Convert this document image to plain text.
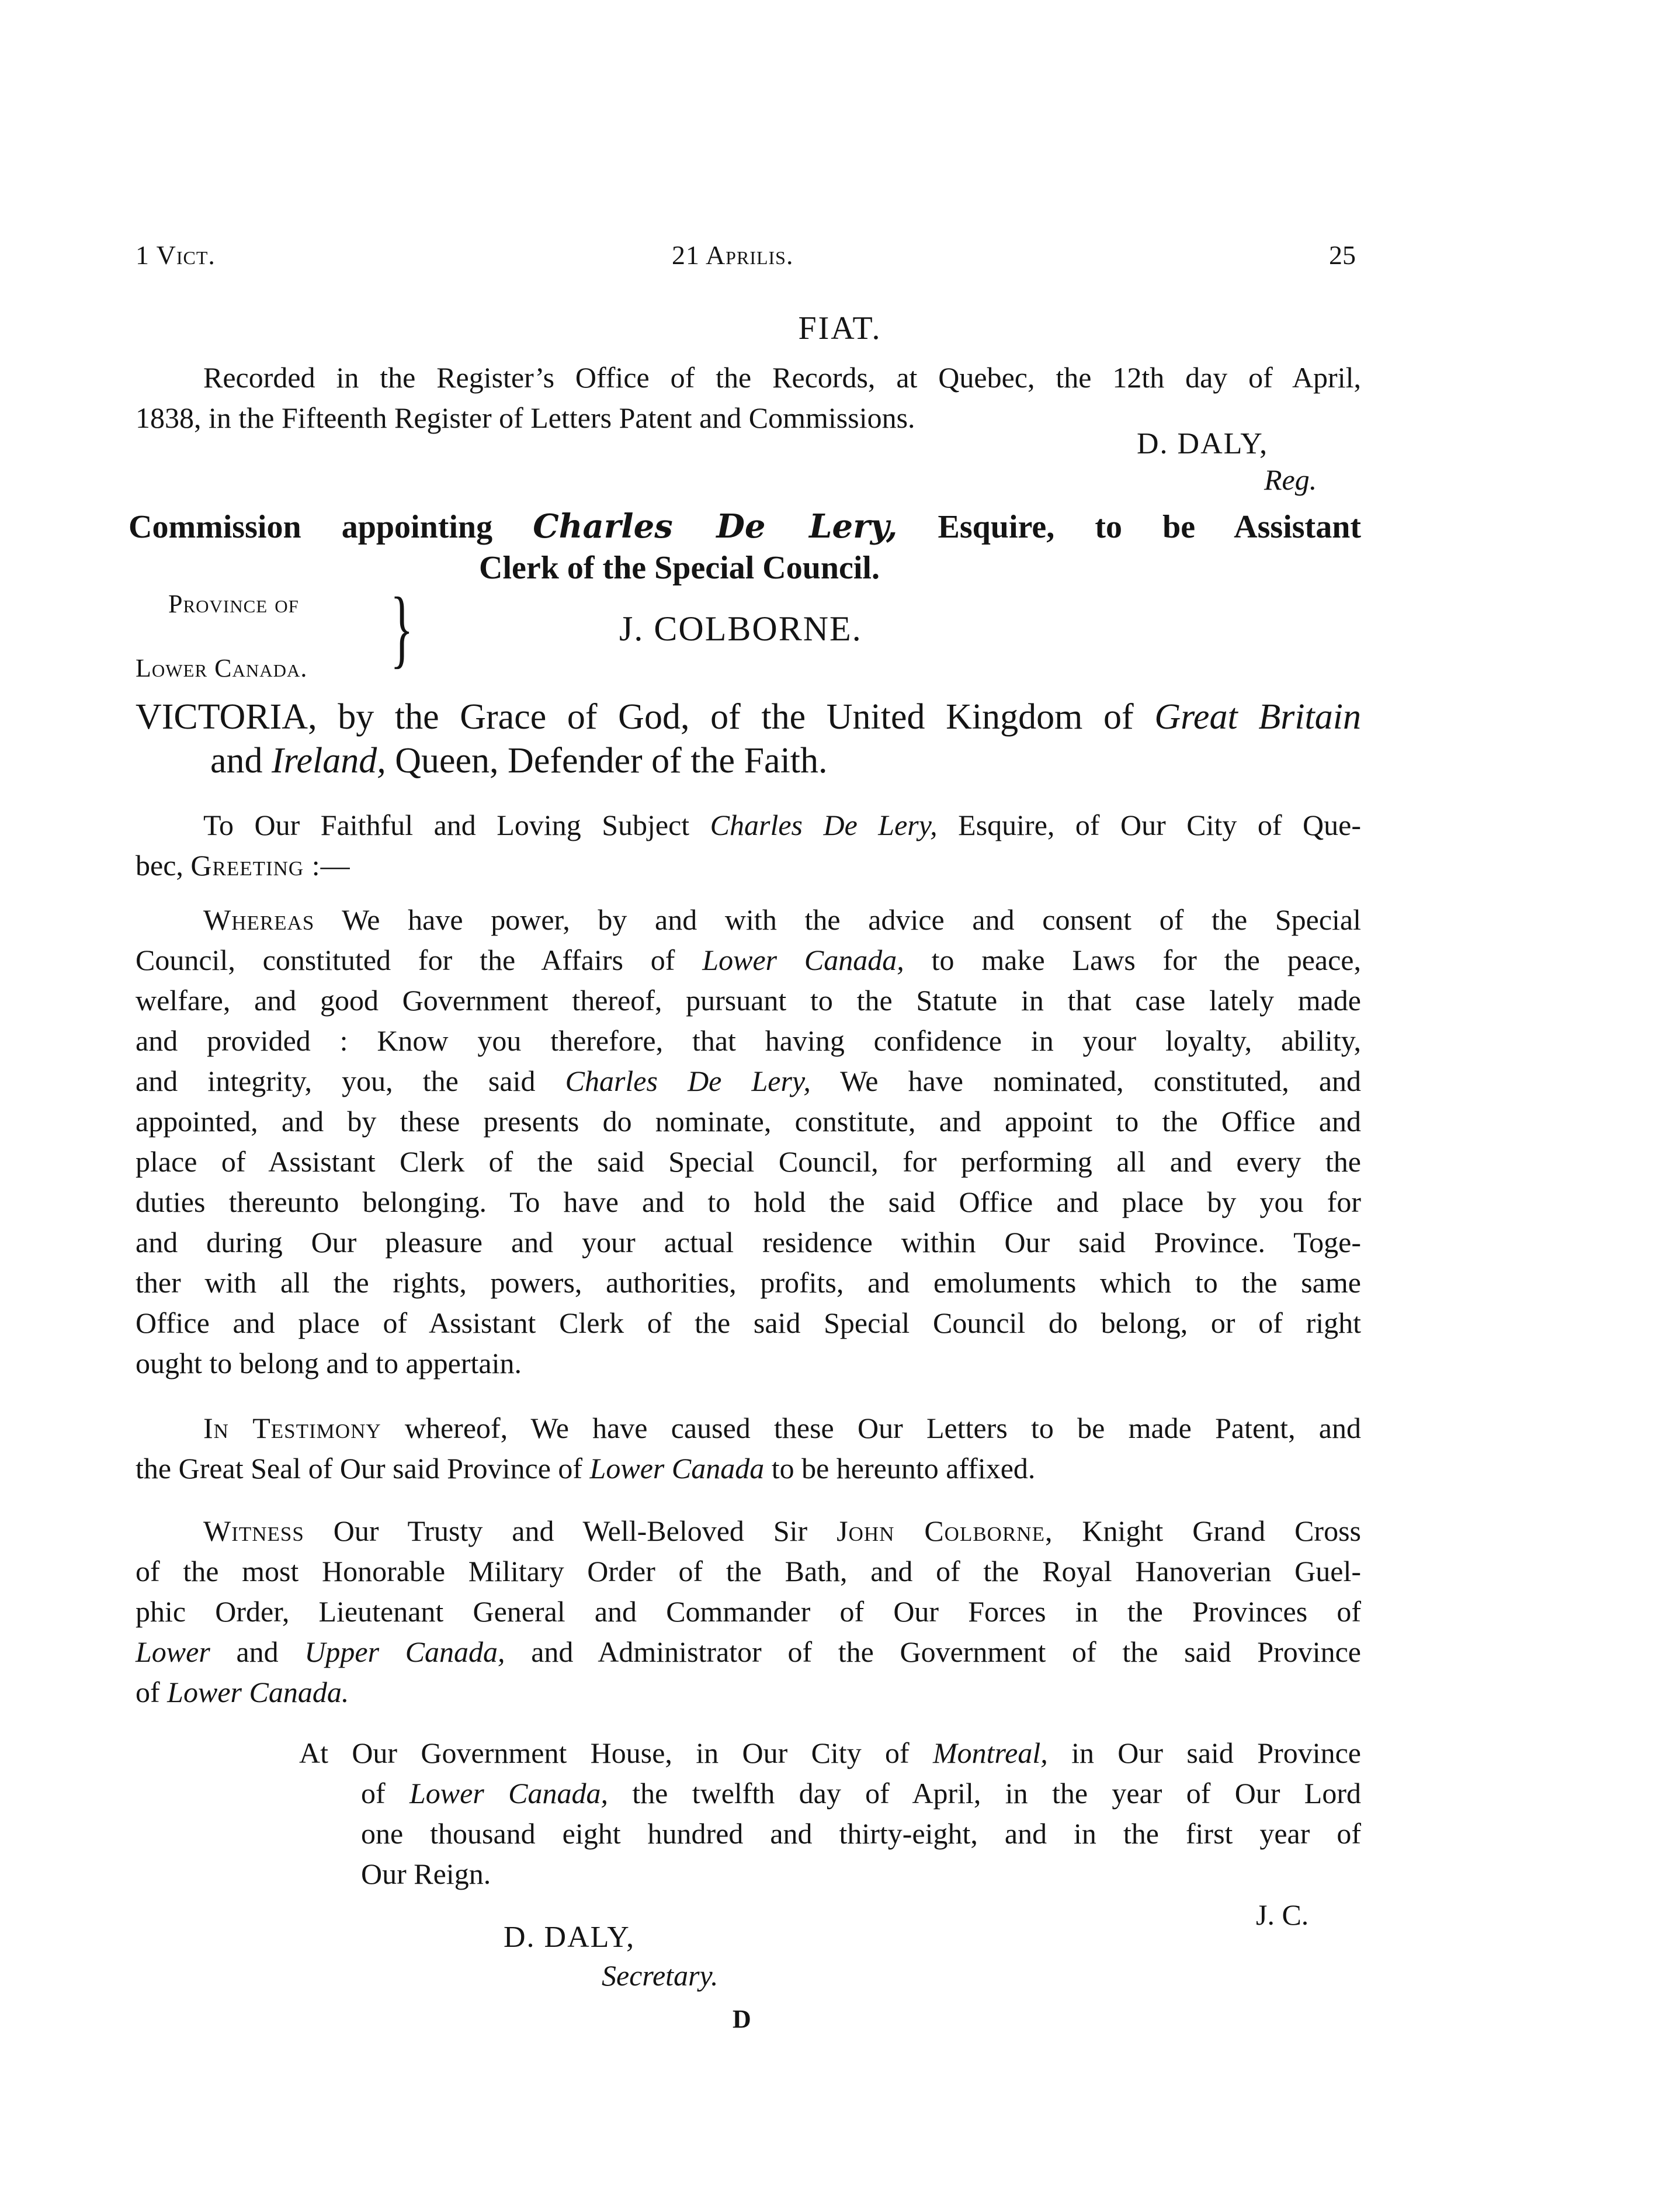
1 Vict.	21 Aprilis.	25
FIAT.
Recorded in the Register’s Office of the Records, at Quebec, the 12th day of April,
1838, in the Fifteenth Register of Letters Patent and Commissions.
D. DALY,
Reg.
Commission appointing Charles De Lery, Esquire, to be Assistant
Clerk of the Special Council.
Province of
Lower Canada. }	J. COLBORNE.
VICTORIA, by the Grace of God, of the United Kingdom of Great Britain
and Ireland, Queen, Defender of the Faith.
To Our Faithful and Loving Subject Charles De Lery, Esquire, of Our City of Que-
bec, Greeting :—
Whereas We have power, by and with the advice and consent of the Special
Council, constituted for the Affairs of Lower Canada, to make Laws for the peace,
welfare, and good Government thereof, pursuant to the Statute in that case lately made
and provided : Know you therefore, that having confidence in your loyalty, ability,
and integrity, you, the said Charles De Lery, We have nominated, constituted, and
appointed, and by these presents do nominate, constitute, and appoint to the Office and
place of Assistant Clerk of the said Special Council, for performing all and every the
duties thereunto belonging. To have and to hold the said Office and place by you for
and during Our pleasure and your actual residence within Our said Province. Toge-
ther with all the rights, powers, authorities, profits, and emoluments which to the same
Office and place of Assistant Clerk of the said Special Council do belong, or of right
ought to belong and to appertain.
In Testimony whereof, We have caused these Our Letters to be made Patent, and
the Great Seal of Our said Province of Lower Canada to be hereunto affixed.
Witness Our Trusty and Well-Beloved Sir John Colborne, Knight Grand Cross
of the most Honorable Military Order of the Bath, and of the Royal Hanoverian Guel-
phic Order, Lieutenant General and Commander of Our Forces in the Provinces of
Lower and Upper Canada, and Administrator of the Government of the said Province
of Lower Canada.
At Our Government House, in Our City of Montreal, in Our said Province
of Lower Canada, the twelfth day of April, in the year of Our Lord
one thousand eight hundred and thirty-eight, and in the first year of
Our Reign.
J. C.
D. DALY,
Secretary.
D
